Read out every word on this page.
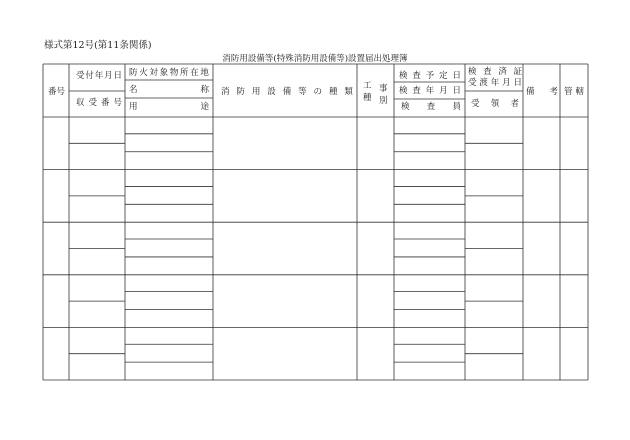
様式第12号(第11条関係)
消防用設備等(特殊消防用設備等)設置届出処理簿
番 号
受 付 年 月 日
収 受 番 号
防 火 対 象 物 所 在 地
名	称
用	途
消 防 用 設 備 等 の 種 類
工 事
種 別
検 査 予 定 日
検 査 年 月 日
検 査 員
検 査 済 証
受 渡 年 月 日
受 領 者
備 考 管 轄
